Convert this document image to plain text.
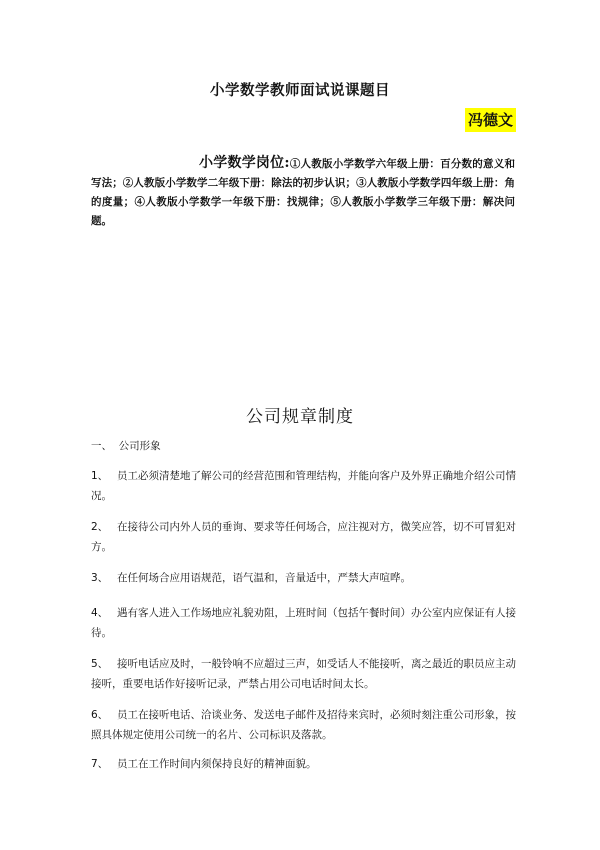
小学数学教师面试说课题目
冯德文
小学数学岗位:①人教版小学数学六年级上册：百分数的意义和写法；②人教版小学数学二年级下册：除法的初步认识；③人教版小学数学四年级上册：角的度量；④人教版小学数学一年级下册：找规律；⑤人教版小学数学三年级下册：解决问题。
公司规章制度
一、  公司形象
1、 员工必须清楚地了解公司的经营范围和管理结构，并能向客户及外界正确地介绍公司情况。
2、 在接待公司内外人员的垂询、要求等任何场合，应注视对方，微笑应答，切不可冒犯对方。
3、 在任何场合应用语规范，语气温和，音量适中，严禁大声喧哗。
4、 遇有客人进入工作场地应礼貌劝阻，上班时间（包括午餐时间）办公室内应保证有人接待。
5、 接听电话应及时，一般铃响不应超过三声，如受话人不能接听，离之最近的职员应主动接听，重要电话作好接听记录，严禁占用公司电话时间太长。
6、 员工在接听电话、洽谈业务、发送电子邮件及招待来宾时，必须时刻注重公司形象，按照具体规定使用公司统一的名片、公司标识及落款。
7、 员工在工作时间内须保持良好的精神面貌。
